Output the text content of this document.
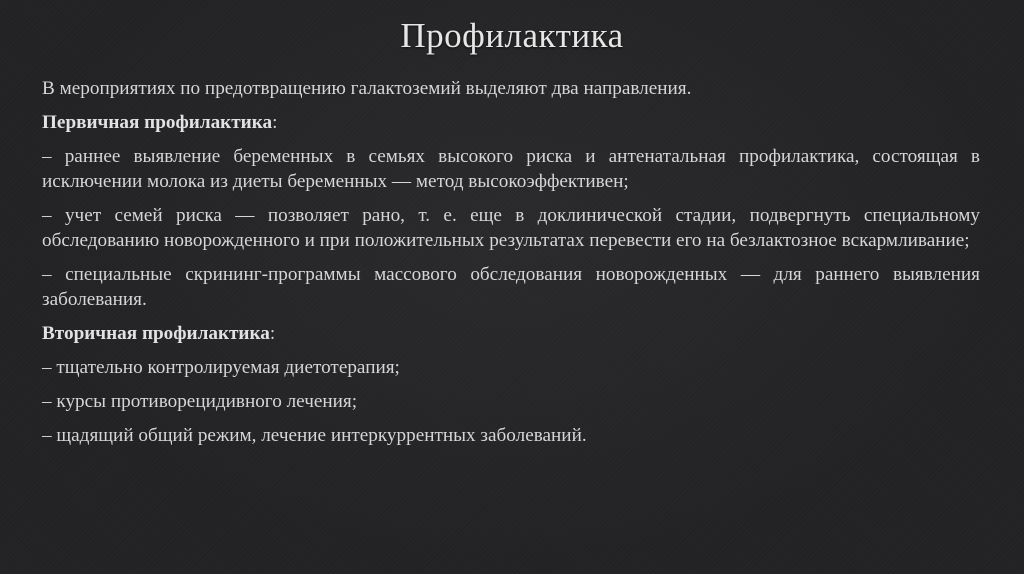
Профилактика

В мероприятиях по предотвращению галактоземий выделяют два направления.

Первичная профилактика:

– раннее выявление беременных в семьях высокого риска и антенатальная профилактика, состоящая в исключении молока из диеты беременных — метод высокоэффективен;

– учет семей риска — позволяет рано, т. е. еще в доклинической стадии, подвергнуть специальному обследованию новорожденного и при положительных результатах перевести его на безлактозное вскармливание;

– специальные скрининг-программы массового обследования новорожденных — для раннего выявления заболевания.

Вторичная профилактика:

– тщательно контролируемая диетотерапия;

– курсы противорецидивного лечения;

– щадящий общий режим, лечение интеркуррентных заболеваний.
